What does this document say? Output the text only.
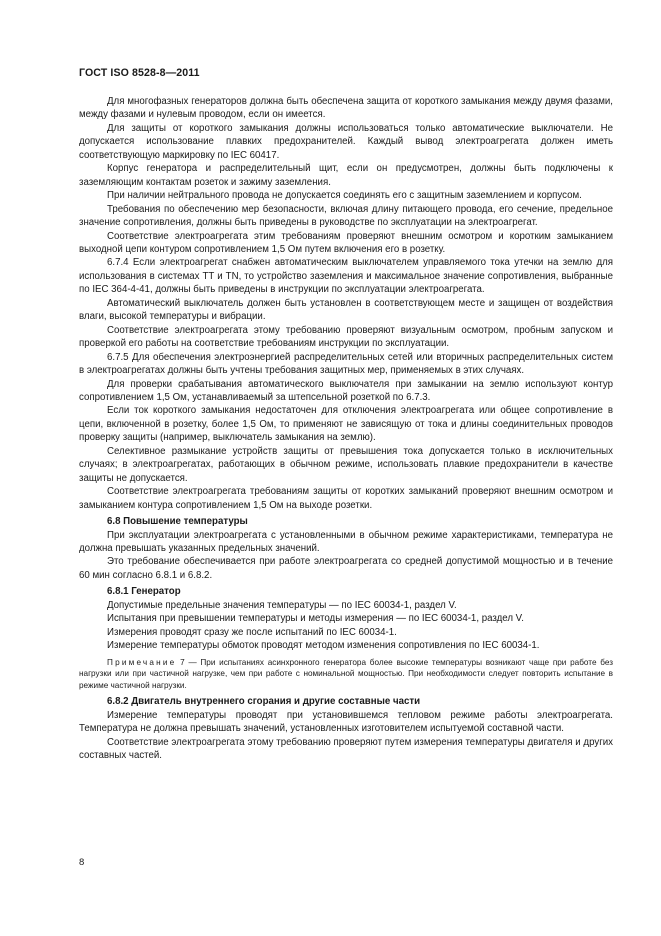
ГОСТ ISO 8528-8—2011

Для многофазных генераторов должна быть обеспечена защита от короткого замыкания между двумя фазами, между фазами и нулевым проводом, если он имеется.

Для защиты от короткого замыкания должны использоваться только автоматические выключатели. Не допускается использование плавких предохранителей. Каждый вывод электроагрегата должен иметь соответствующую маркировку по IEC 60417.

Корпус генератора и распределительный щит, если он предусмотрен, должны быть подключены к заземляющим контактам розеток и зажиму заземления.

При наличии нейтрального провода не допускается соединять его с защитным заземлением и корпусом.

Требования по обеспечению мер безопасности, включая длину питающего провода, его сечение, предельное значение сопротивления, должны быть приведены в руководстве по эксплуатации на электроагрегат.

Соответствие электроагрегата этим требованиям проверяют внешним осмотром и коротким замыканием выходной цепи контуром сопротивлением 1,5 Ом путем включения его в розетку.

6.7.4 Если электроагрегат снабжен автоматическим выключателем управляемого тока утечки на землю для использования в системах TT и TN, то устройство заземления и максимальное значение сопротивления, выбранные по IEC 364-4-41, должны быть приведены в инструкции по эксплуатации электроагрегата.

Автоматический выключатель должен быть установлен в соответствующем месте и защищен от воздействия влаги, высокой температуры и вибрации.

Соответствие электроагрегата этому требованию проверяют визуальным осмотром, пробным запуском и проверкой его работы на соответствие требованиям инструкции по эксплуатации.

6.7.5 Для обеспечения электроэнергией распределительных сетей или вторичных распределительных систем в электроагрегатах должны быть учтены требования защитных мер, применяемых в этих случаях.

Для проверки срабатывания автоматического выключателя при замыкании на землю используют контур сопротивлением 1,5 Ом, устанавливаемый за штепсельной розеткой по 6.7.3.

Если ток короткого замыкания недостаточен для отключения электроагрегата или общее сопротивление в цепи, включенной в розетку, более 1,5 Ом, то применяют не зависящую от тока и длины соединительных проводов проверку защиты (например, выключатель замыкания на землю).

Селективное размыкание устройств защиты от превышения тока допускается только в исключительных случаях; в электроагрегатах, работающих в обычном режиме, использовать плавкие предохранители в качестве защиты не допускается.

Соответствие электроагрегата требованиям защиты от коротких замыканий проверяют внешним осмотром и замыканием контура сопротивлением 1,5 Ом на выходе розетки.

6.8 Повышение температуры

При эксплуатации электроагрегата с установленными в обычном режиме характеристиками, температура не должна превышать указанных предельных значений.

Это требование обеспечивается при работе электроагрегата со средней допустимой мощностью и в течение 60 мин согласно 6.8.1 и 6.8.2.

6.8.1 Генератор

Допустимые предельные значения температуры — по IEC 60034-1, раздел V.

Испытания при превышении температуры и методы измерения — по IEC 60034-1, раздел V.

Измерения проводят сразу же после испытаний по IEC 60034-1.

Измерение температуры обмоток проводят методом изменения сопротивления по IEC 60034-1.

Примечание 7 — При испытаниях асинхронного генератора более высокие температуры возникают чаще при работе без нагрузки или при частичной нагрузке, чем при работе с номинальной мощностью. При необходимости следует повторить испытание в режиме частичной нагрузки.

6.8.2 Двигатель внутреннего сгорания и другие составные части

Измерение температуры проводят при установившемся тепловом режиме работы электроагрегата. Температура не должна превышать значений, установленных изготовителем испытуемой составной части.

Соответствие электроагрегата этому требованию проверяют путем измерения температуры двигателя и других составных частей.

8
